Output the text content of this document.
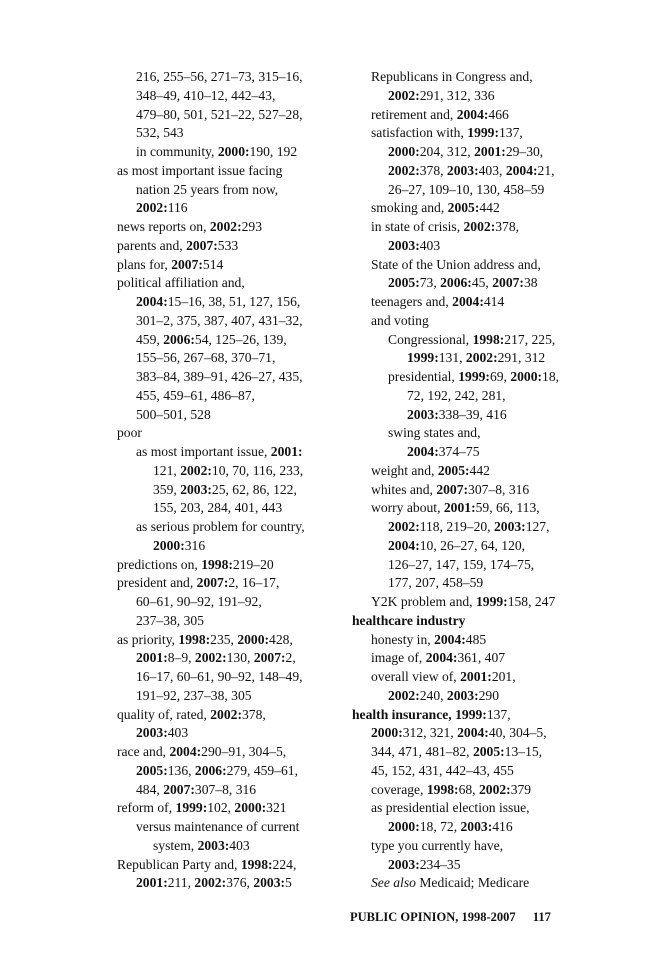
216, 255–56, 271–73, 315–16,
348–49, 410–12, 442–43,
479–80, 501, 521–22, 527–28,
532, 543
in community, 2000:190, 192
as most important issue facing
nation 25 years from now,
2002:116
news reports on, 2002:293
parents and, 2007:533
plans for, 2007:514
political affiliation and,
2004:15–16, 38, 51, 127, 156,
301–2, 375, 387, 407, 431–32,
459, 2006:54, 125–26, 139,
155–56, 267–68, 370–71,
383–84, 389–91, 426–27, 435,
455, 459–61, 486–87,
500–501, 528
poor
as most important issue, 2001:
121, 2002:10, 70, 116, 233,
359, 2003:25, 62, 86, 122,
155, 203, 284, 401, 443
as serious problem for country,
2000:316
predictions on, 1998:219–20
president and, 2007:2, 16–17,
60–61, 90–92, 191–92,
237–38, 305
as priority, 1998:235, 2000:428,
2001:8–9, 2002:130, 2007:2,
16–17, 60–61, 90–92, 148–49,
191–92, 237–38, 305
quality of, rated, 2002:378,
2003:403
race and, 2004:290–91, 304–5,
2005:136, 2006:279, 459–61,
484, 2007:307–8, 316
reform of, 1999:102, 2000:321
versus maintenance of current
system, 2003:403
Republican Party and, 1998:224,
2001:211, 2002:376, 2003:5
Republicans in Congress and,
2002:291, 312, 336
retirement and, 2004:466
satisfaction with, 1999:137,
2000:204, 312, 2001:29–30,
2002:378, 2003:403, 2004:21,
26–27, 109–10, 130, 458–59
smoking and, 2005:442
in state of crisis, 2002:378,
2003:403
State of the Union address and,
2005:73, 2006:45, 2007:38
teenagers and, 2004:414
and voting
Congressional, 1998:217, 225,
1999:131, 2002:291, 312
presidential, 1999:69, 2000:18,
72, 192, 242, 281,
2003:338–39, 416
swing states and,
2004:374–75
weight and, 2005:442
whites and, 2007:307–8, 316
worry about, 2001:59, 66, 113,
2002:118, 219–20, 2003:127,
2004:10, 26–27, 64, 120,
126–27, 147, 159, 174–75,
177, 207, 458–59
Y2K problem and, 1999:158, 247
healthcare industry
honesty in, 2004:485
image of, 2004:361, 407
overall view of, 2001:201,
2002:240, 2003:290
health insurance, 1999:137,
2000:312, 321, 2004:40, 304–5,
344, 471, 481–82, 2005:13–15,
45, 152, 431, 442–43, 455
coverage, 1998:68, 2002:379
as presidential election issue,
2000:18, 72, 2003:416
type you currently have,
2003:234–35
See also Medicaid; Medicare
PUBLIC OPINION, 1998-2007 117
